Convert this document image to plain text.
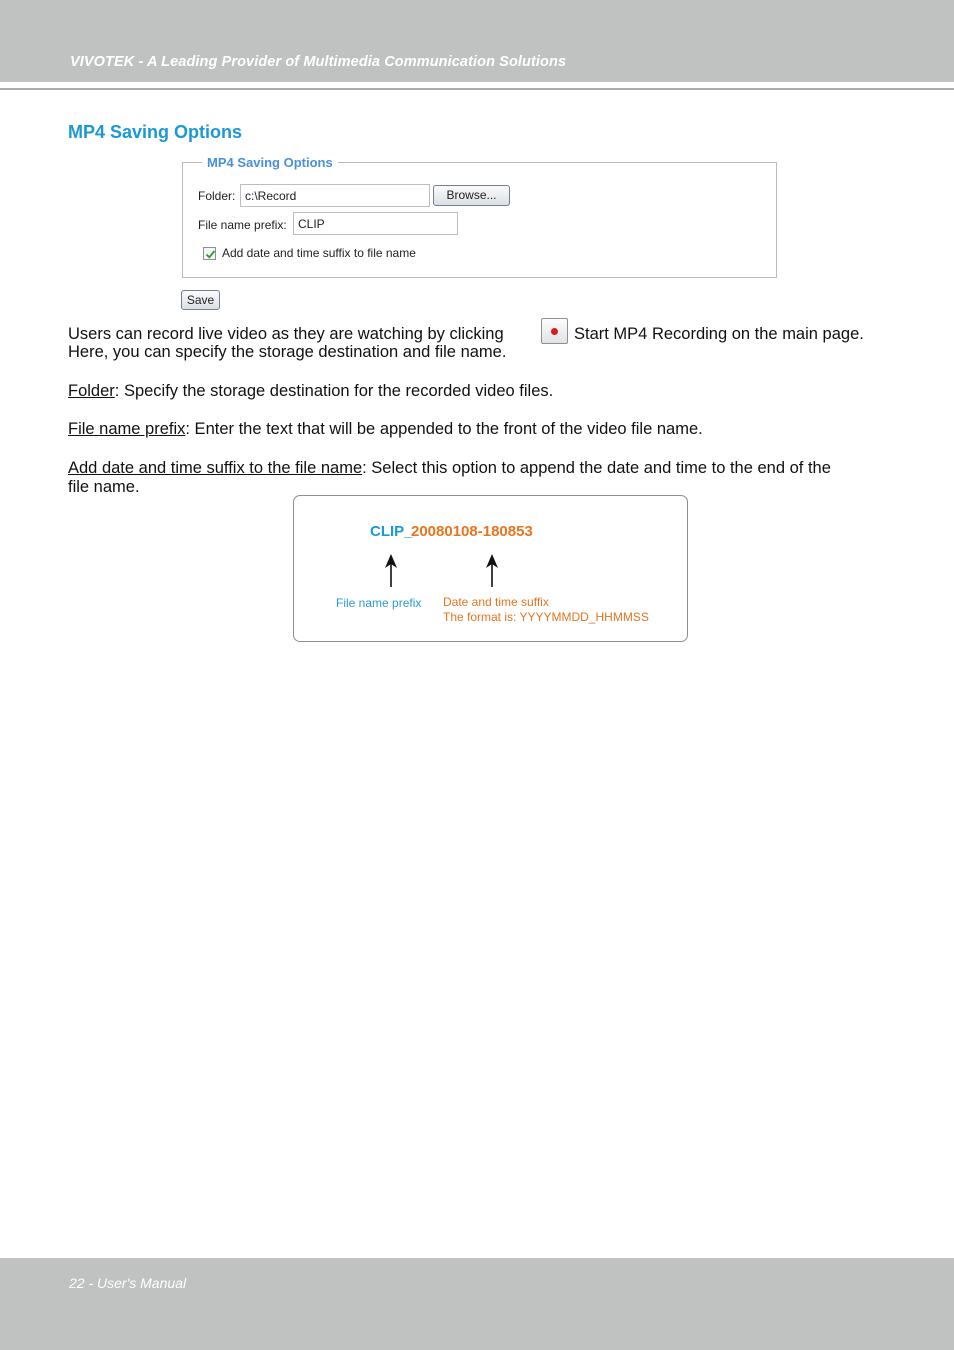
VIVOTEK - A Leading Provider of Multimedia Communication Solutions
MP4 Saving Options
MP4 Saving Options
Folder:
c:\Record	Browse...
File name prefix:
CLIP
Add date and time suffix to file name
Save
Users can record live video as they are watching by clicking	Start MP4 Recording on the main page.
Here, you can specify the storage destination and file name.
Folder: Specify the storage destination for the recorded video files.
File name prefix: Enter the text that will be appended to the front of the video file name.
Add date and time suffix to the file name: Select this option to append the date and time to the end of the
file name.
CLIP_
20080108-180853
File name prefix Date and time suffix
The format is: YYYYMMDD_HHMMSS
22 - User's Manual
